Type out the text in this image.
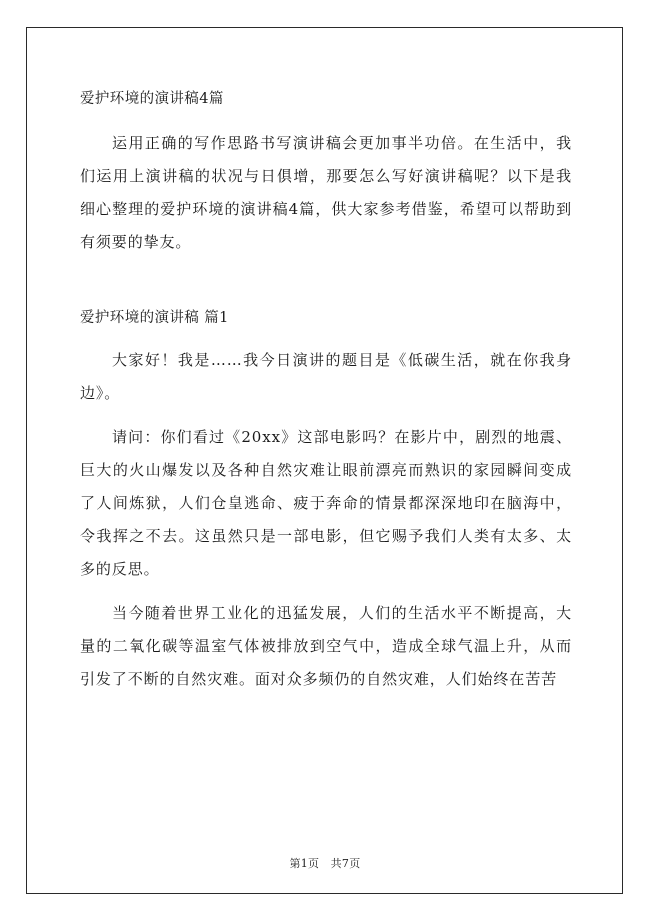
爱护环境的演讲稿4篇

运用正确的写作思路书写演讲稿会更加事半功倍。在生活中，我们运用上演讲稿的状况与日俱增，那要怎么写好演讲稿呢？以下是我细心整理的爱护环境的演讲稿4篇，供大家参考借鉴，希望可以帮助到有须要的挚友。

爱护环境的演讲稿 篇1

大家好！我是……我今日演讲的题目是《低碳生活，就在你我身边》。

请问：你们看过《20xx》这部电影吗？在影片中，剧烈的地震、巨大的火山爆发以及各种自然灾难让眼前漂亮而熟识的家园瞬间变成了人间炼狱，人们仓皇逃命、疲于奔命的情景都深深地印在脑海中，令我挥之不去。这虽然只是一部电影，但它赐予我们人类有太多、太多的反思。

当今随着世界工业化的迅猛发展，人们的生活水平不断提高，大量的二氧化碳等温室气体被排放到空气中，造成全球气温上升，从而引发了不断的自然灾难。面对众多频仍的自然灾难，人们始终在苦苦

第1页　共7页
